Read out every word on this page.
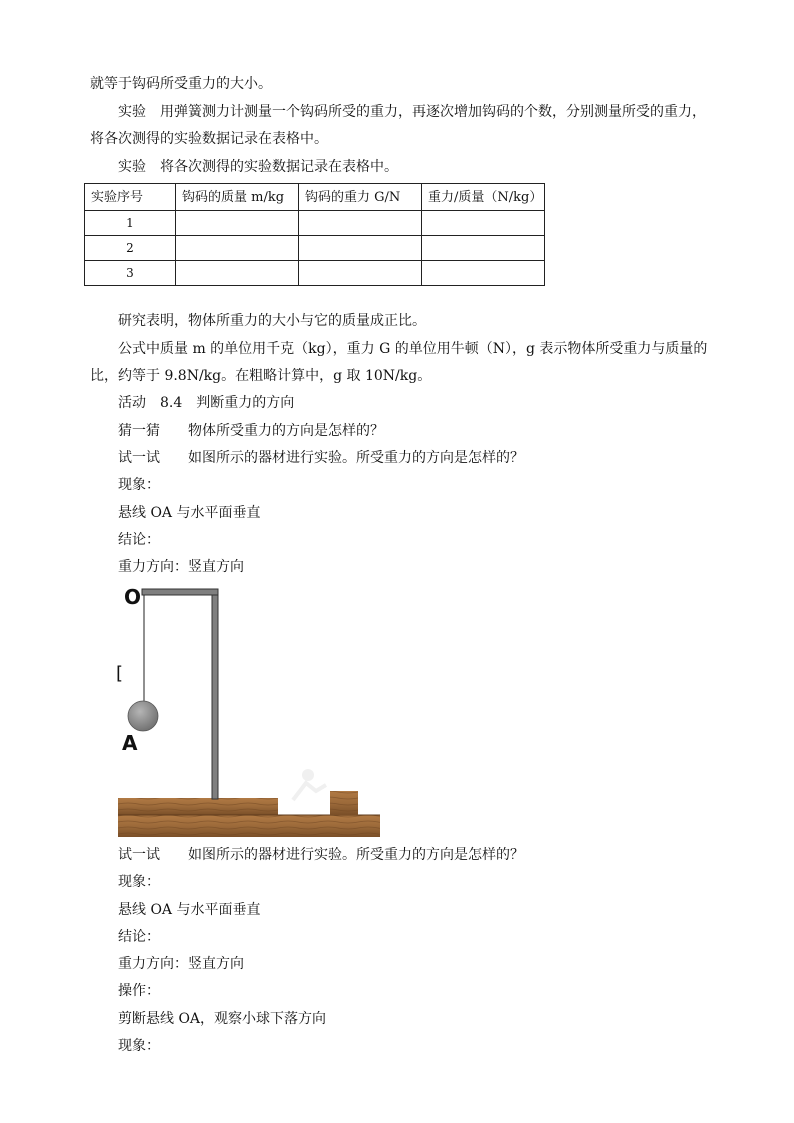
就等于钩码所受重力的大小。
实验 用弹簧测力计测量一个钩码所受的重力，再逐次增加钩码的个数，分别测量所受的重力，
将各次测得的实验数据记录在表格中。
实验 将各次测得的实验数据记录在表格中。
实验序号	钩码的质量 m/kg	钩码的重力 G/N	重力/质量（N/kg）
1			
2			
3			
研究表明，物体所重力的大小与它的质量成正比。
公式中质量 m 的单位用千克（kg），重力 G 的单位用牛顿（N），g 表示物体所受重力与质量的
比，约等于 9.8N/kg。在粗略计算中，g 取 10N/kg。
活动　8.4 判断重力的方向
猜一猜 物体所受重力的方向是怎样的？
试一试 如图所示的器材进行实验。所受重力的方向是怎样的？
现象：
悬线 OA 与水平面垂直
结论：
重力方向：竖直方向
O
A
[
试一试 如图所示的器材进行实验。所受重力的方向是怎样的？
现象：
悬线 OA 与水平面垂直
结论：
重力方向：竖直方向
操作：
剪断悬线 OA，观察小球下落方向
现象：
